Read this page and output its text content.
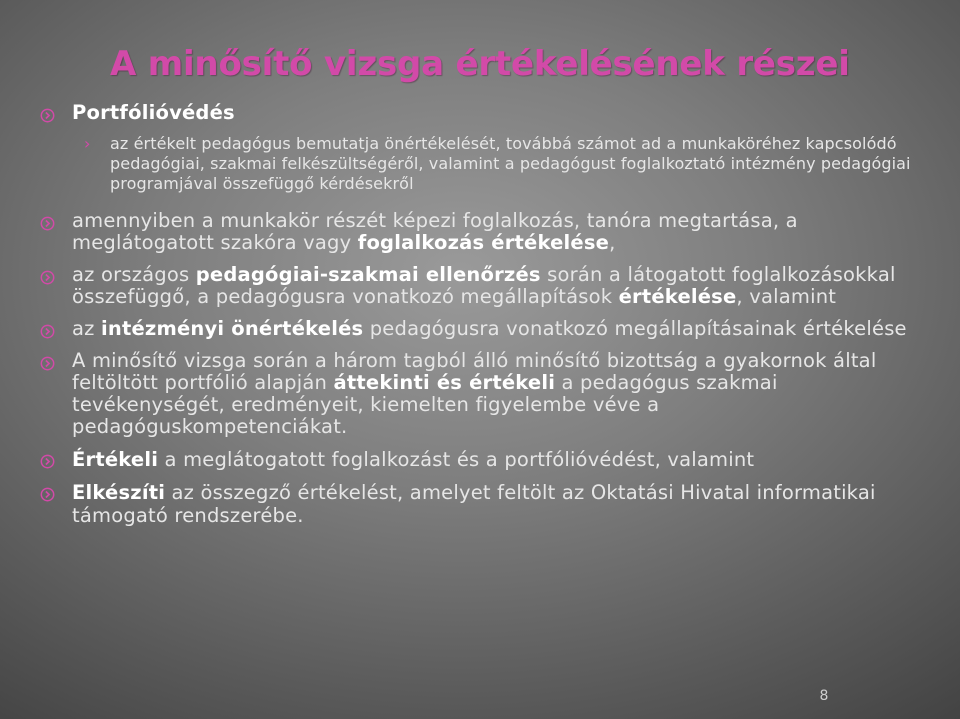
A minősítő vizsga értékelésének részei
Portfólióvédés
›	az értékelt pedagógus bemutatja önértékelését, továbbá számot ad a munkaköréhez kapcsolódó pedagógiai, szakmai felkészültségéről, valamint a pedagógust foglalkoztató intézmény pedagógiai programjával összefüggő kérdésekről
amennyiben a munkakör részét képezi foglalkozás, tanóra megtartása, a meglátogatott szakóra vagy foglalkozás értékelése,
az országos pedagógiai-szakmai ellenőrzés során a látogatott foglalkozásokkal összefüggő, a pedagógusra vonatkozó megállapítások értékelése, valamint
az intézményi önértékelés pedagógusra vonatkozó megállapításainak értékelése
A minősítő vizsga során a három tagból álló minősítő bizottság a gyakornok által feltöltött portfólió alapján áttekinti és értékeli a pedagógus szakmai tevékenységét, eredményeit, kiemelten figyelembe véve a pedagóguskompetenciákat.
Értékeli a meglátogatott foglalkozást és a portfólióvédést, valamint
Elkészíti az összegző értékelést, amelyet feltölt az Oktatási Hivatal informatikai támogató rendszerébe.
8
